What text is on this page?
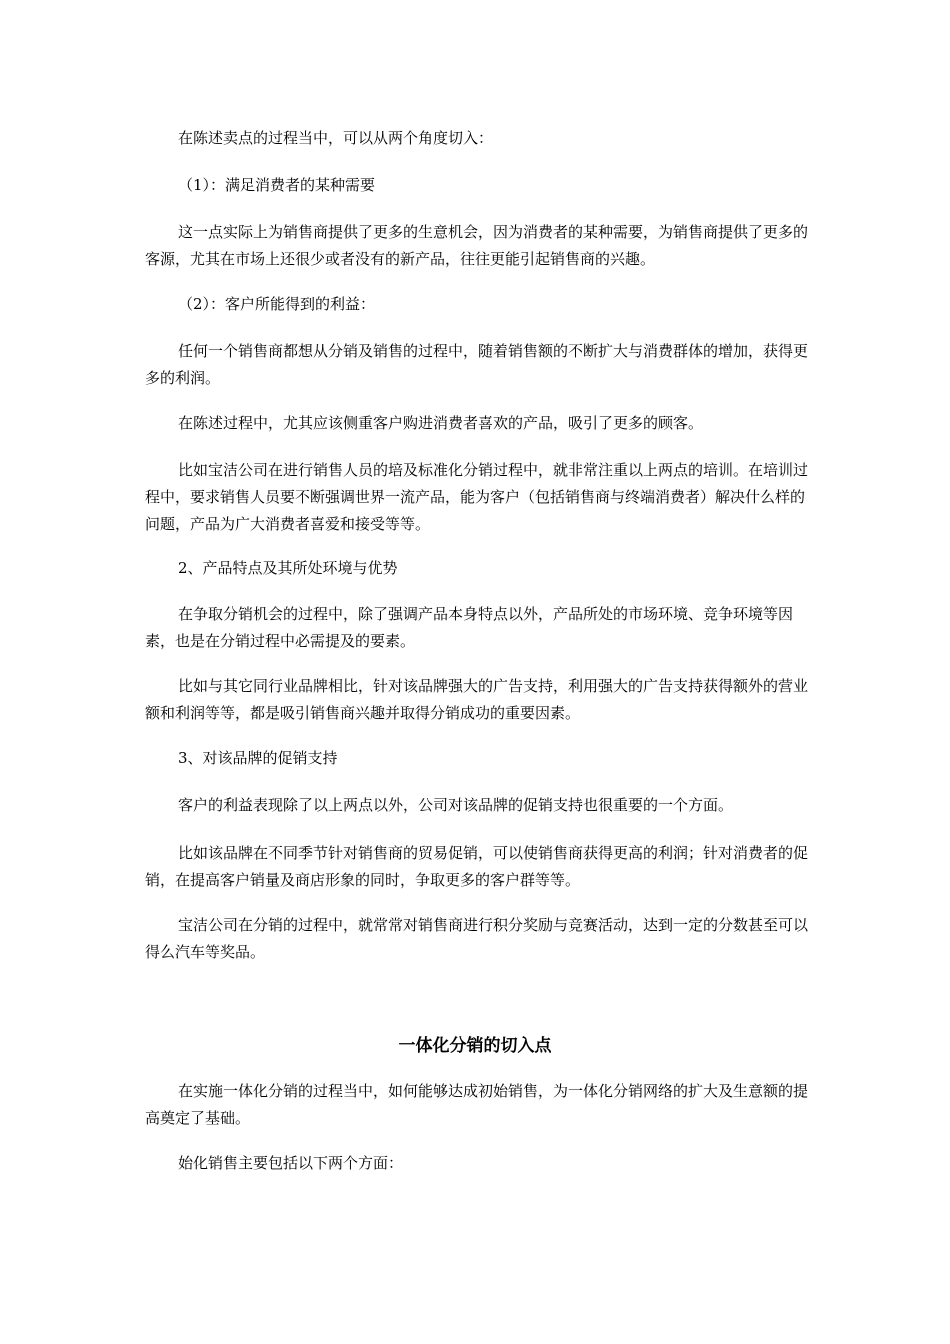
在陈述卖点的过程当中，可以从两个角度切入：

（1）：满足消费者的某种需要

这一点实际上为销售商提供了更多的生意机会，因为消费者的某种需要，为销售商提供了更多的客源，尤其在市场上还很少或者没有的新产品，往往更能引起销售商的兴趣。

（2）：客户所能得到的利益：

任何一个销售商都想从分销及销售的过程中，随着销售额的不断扩大与消费群体的增加，获得更多的利润。

在陈述过程中，尤其应该侧重客户购进消费者喜欢的产品，吸引了更多的顾客。

比如宝洁公司在进行销售人员的培及标准化分销过程中，就非常注重以上两点的培训。在培训过程中，要求销售人员要不断强调世界一流产品，能为客户（包括销售商与终端消费者）解决什么样的问题，产品为广大消费者喜爱和接受等等。

2、产品特点及其所处环境与优势

在争取分销机会的过程中，除了强调产品本身特点以外，产品所处的市场环境、竞争环境等因素，也是在分销过程中必需提及的要素。

比如与其它同行业品牌相比，针对该品牌强大的广告支持，利用强大的广告支持获得额外的营业额和利润等等，都是吸引销售商兴趣并取得分销成功的重要因素。

3、对该品牌的促销支持

客户的利益表现除了以上两点以外，公司对该品牌的促销支持也很重要的一个方面。

比如该品牌在不同季节针对销售商的贸易促销，可以使销售商获得更高的利润；针对消费者的促销，在提高客户销量及商店形象的同时，争取更多的客户群等等。

宝洁公司在分销的过程中，就常常对销售商进行积分奖励与竞赛活动，达到一定的分数甚至可以得么汽车等奖品。

一体化分销的切入点

在实施一体化分销的过程当中，如何能够达成初始销售，为一体化分销网络的扩大及生意额的提高奠定了基础。

始化销售主要包括以下两个方面：
